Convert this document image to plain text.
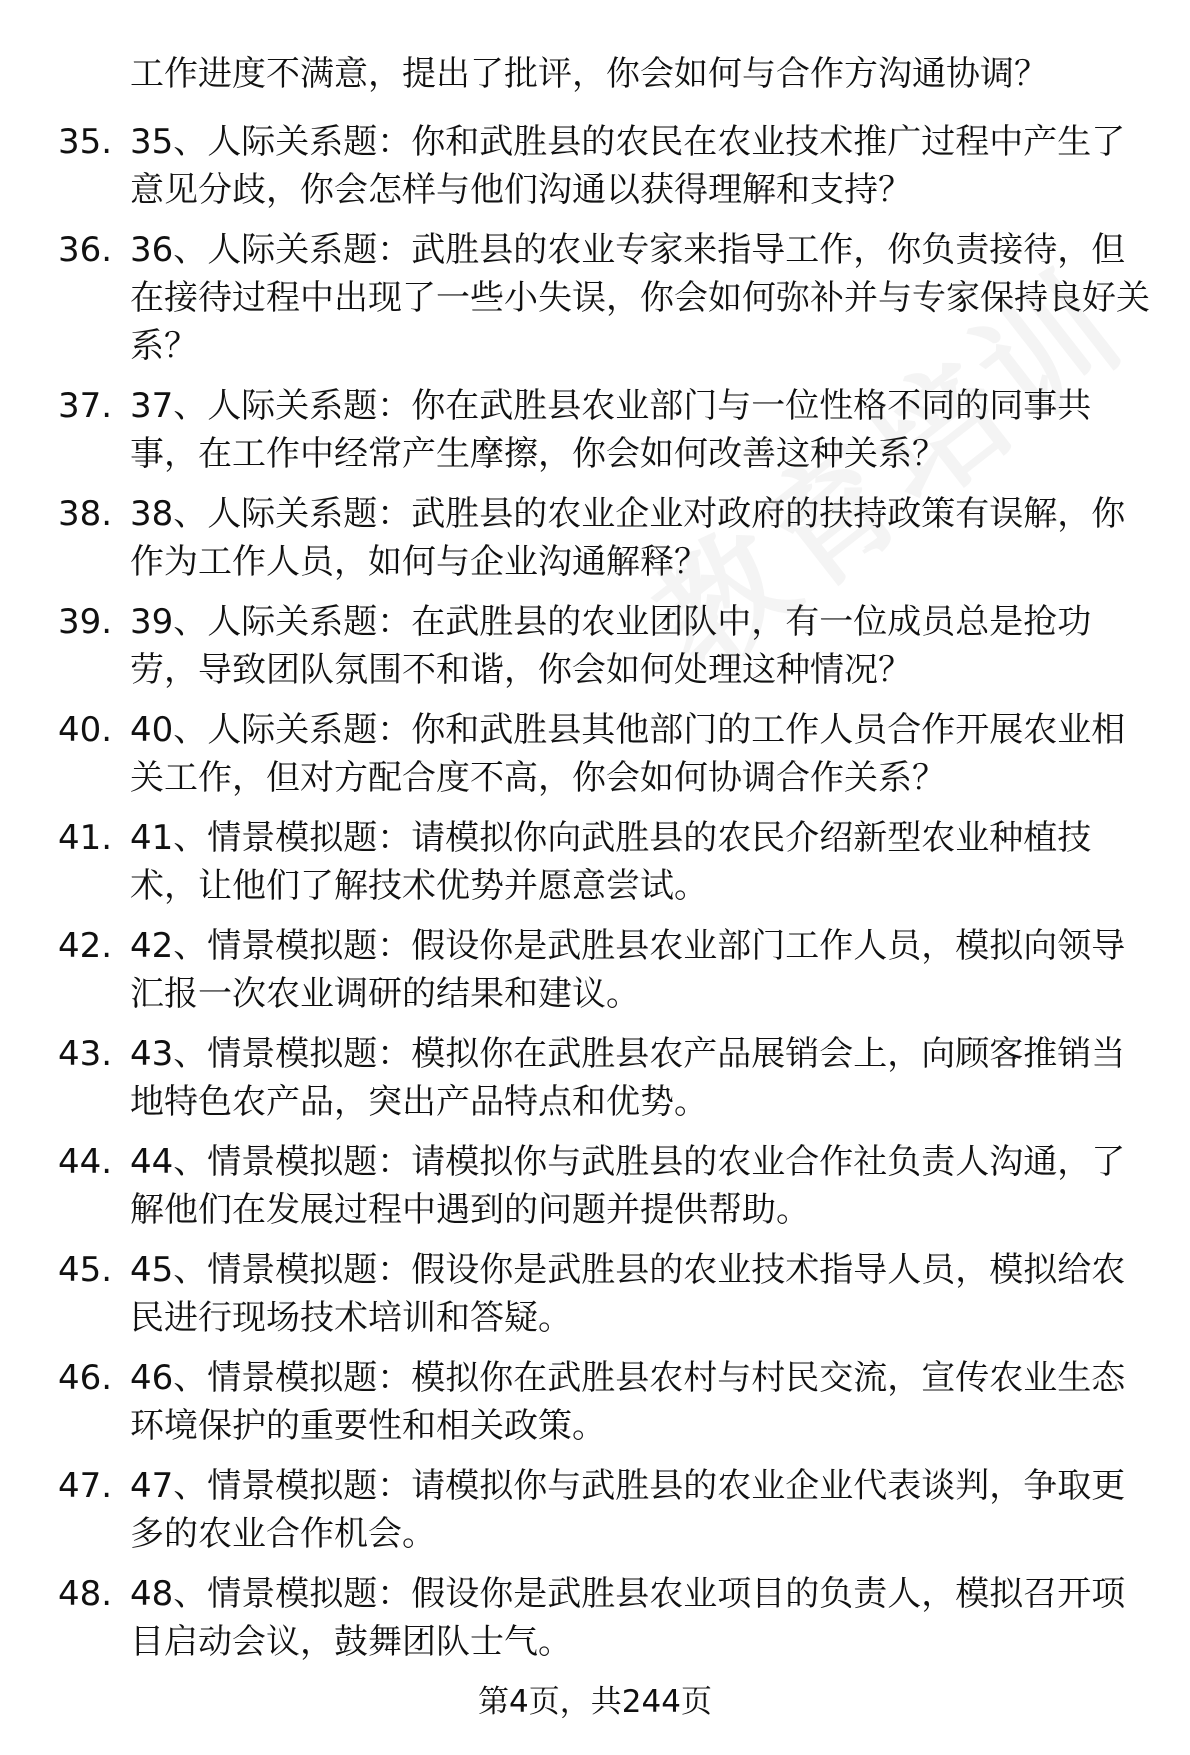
工作进度不满意，提出了批评，你会如何与合作方沟通协调？
35. 35、人际关系题：你和武胜县的农民在农业技术推广过程中产生了意见分歧，你会怎样与他们沟通以获得理解和支持？
36. 36、人际关系题：武胜县的农业专家来指导工作，你负责接待，但在接待过程中出现了一些小失误，你会如何弥补并与专家保持良好关系？
37. 37、人际关系题：你在武胜县农业部门与一位性格不同的同事共事，在工作中经常产生摩擦，你会如何改善这种关系？
38. 38、人际关系题：武胜县的农业企业对政府的扶持政策有误解，你作为工作人员，如何与企业沟通解释？
39. 39、人际关系题：在武胜县的农业团队中，有一位成员总是抢功劳，导致团队氛围不和谐，你会如何处理这种情况？
40. 40、人际关系题：你和武胜县其他部门的工作人员合作开展农业相关工作，但对方配合度不高，你会如何协调合作关系？
41. 41、情景模拟题：请模拟你向武胜县的农民介绍新型农业种植技术，让他们了解技术优势并愿意尝试。
42. 42、情景模拟题：假设你是武胜县农业部门工作人员，模拟向领导汇报一次农业调研的结果和建议。
43. 43、情景模拟题：模拟你在武胜县农产品展销会上，向顾客推销当地特色农产品，突出产品特点和优势。
44. 44、情景模拟题：请模拟你与武胜县的农业合作社负责人沟通，了解他们在发展过程中遇到的问题并提供帮助。
45. 45、情景模拟题：假设你是武胜县的农业技术指导人员，模拟给农民进行现场技术培训和答疑。
46. 46、情景模拟题：模拟你在武胜县农村与村民交流，宣传农业生态环境保护的重要性和相关政策。
47. 47、情景模拟题：请模拟你与武胜县的农业企业代表谈判，争取更多的农业合作机会。
48. 48、情景模拟题：假设你是武胜县农业项目的负责人，模拟召开项目启动会议，鼓舞团队士气。
第4页，共244页
